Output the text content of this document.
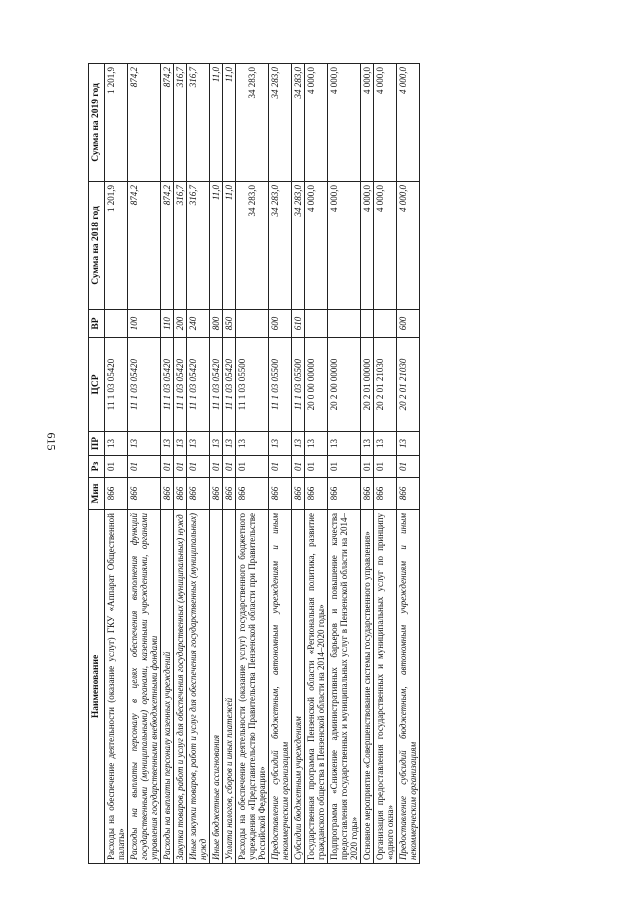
615
Наименование	Мин	Рз	ПР	ЦСР	ВР	Сумма на 2018 год	Сумма на 2019 год
Расходы на обеспечение деятельности (оказание услуг) ГКУ «Аппарат Общественной палаты»	866	01	13	11 1 03 05420		1 201,9	1 201,9
Расходы на выплаты персоналу в целях обеспечения выполнения функций государственными (муниципальными) органами, казенными учреждениями, органами управления государственными внебюджетными фондами	866	01	13	11 1 03 05420	100	874,2	874,2
Расходы на выплаты персоналу казенных учреждений	866	01	13	11 1 03 05420	110	874,2	874,2
Закупка товаров, работ и услуг для обеспечения государственных (муниципальных) нужд	866	01	13	11 1 03 05420	200	316,7	316,7
Иные закупки товаров, работ и услуг для обеспечения государственных (муниципальных) нужд	866	01	13	11 1 03 05420	240	316,7	316,7
Иные бюджетные ассигнования	866	01	13	11 1 03 05420	800	11,0	11,0
Уплата налогов, сборов и иных платежей	866	01	13	11 1 03 05420	850	11,0	11,0
Расходы на обеспечение деятельности (оказание услуг) государственного бюджетного учреждения «Представительство Правительства Пензенской области при Правительстве Российской Федерации»	866	01	13	11 1 03 05500		34 283,0	34 283,0
Предоставление субсидий бюджетным, автономным учреждениям и иным некоммерческим организациям	866	01	13	11 1 03 05500	600	34 283,0	34 283,0
Субсидии бюджетным учреждениям	866	01	13	11 1 03 05500	610	34 283,0	34 283,0
Государственная программа Пензенской области «Региональная политика, развитие гражданского общества в Пензенской области на 2014–2020 годы»	866	01	13	20 0 00 00000		4 000,0	4 000,0
Подпрограмма «Снижение административных барьеров и повышение качества предоставления государственных и муниципальных услуг в Пензенской области на 2014–2020 годы»	866	01	13	20 2 00 00000		4 000,0	4 000,0
Основное мероприятие «Совершенствование системы государственного управления»	866	01	13	20 2 01 00000		4 000,0	4 000,0
Организация предоставления государственных и муниципальных услуг по принципу «одного окна»	866	01	13	20 2 01 21030		4 000,0	4 000,0
Предоставление субсидий бюджетным, автономным учреждениям и иным некоммерческим организациям	866	01	13	20 2 01 21030	600	4 000,0	4 000,0
